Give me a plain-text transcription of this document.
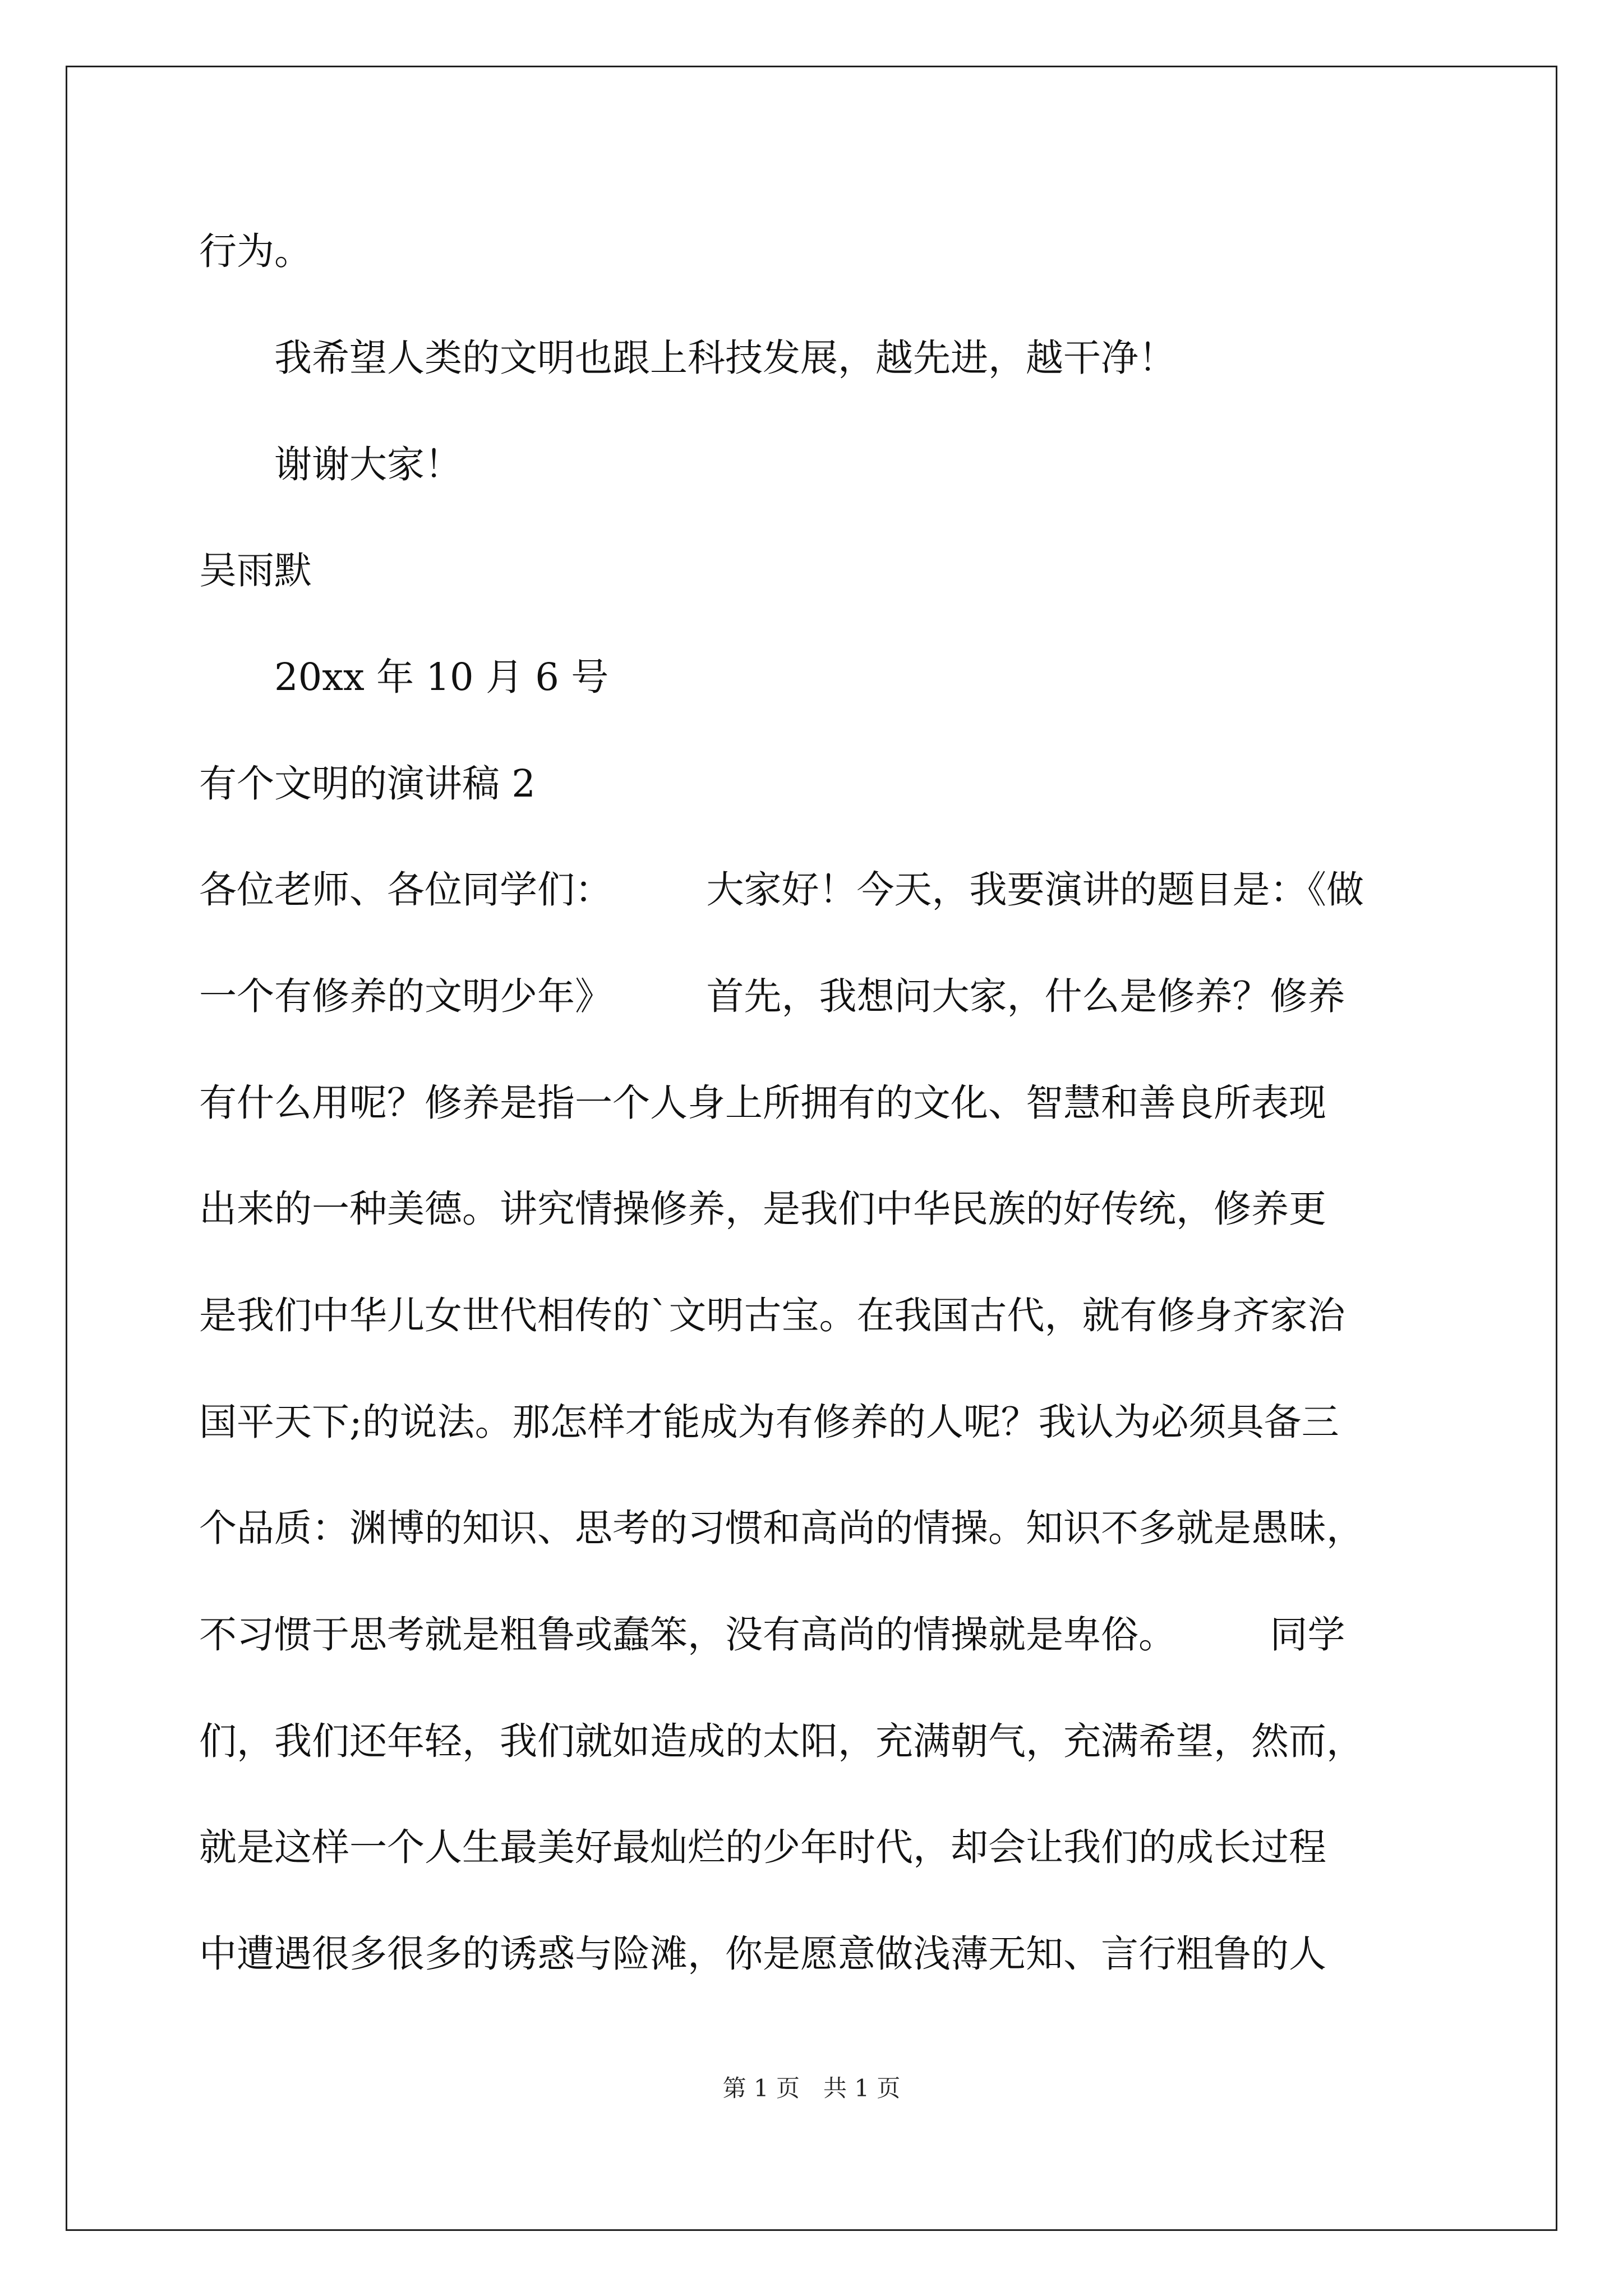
行为。
我希望人类的文明也跟上科技发展，越先进，越干净！
谢谢大家！
吴雨默
20xx 年 10 月 6 号
有个文明的演讲稿 2
各位老师、各位同学们：　　　大家好！今天，我要演讲的题目是：《做
一个有修养的文明少年》　　　首先，我想问大家，什么是修养？修养
有什么用呢？修养是指一个人身上所拥有的文化、智慧和善良所表现
出来的一种美德。讲究情操修养，是我们中华民族的好传统，修养更
是我们中华儿女世代相传的`文明古宝。在我国古代，就有修身齐家治
国平天下;的说法。那怎样才能成为有修养的人呢？我认为必须具备三
个品质：渊博的知识、思考的习惯和高尚的情操。知识不多就是愚昧，
不习惯于思考就是粗鲁或蠢笨，没有高尚的情操就是卑俗。　　　同学
们，我们还年轻，我们就如造成的太阳，充满朝气，充满希望，然而，
就是这样一个人生最美好最灿烂的少年时代，却会让我们的成长过程
中遭遇很多很多的诱惑与险滩，你是愿意做浅薄无知、言行粗鲁的人
第 1 页　共 1 页
